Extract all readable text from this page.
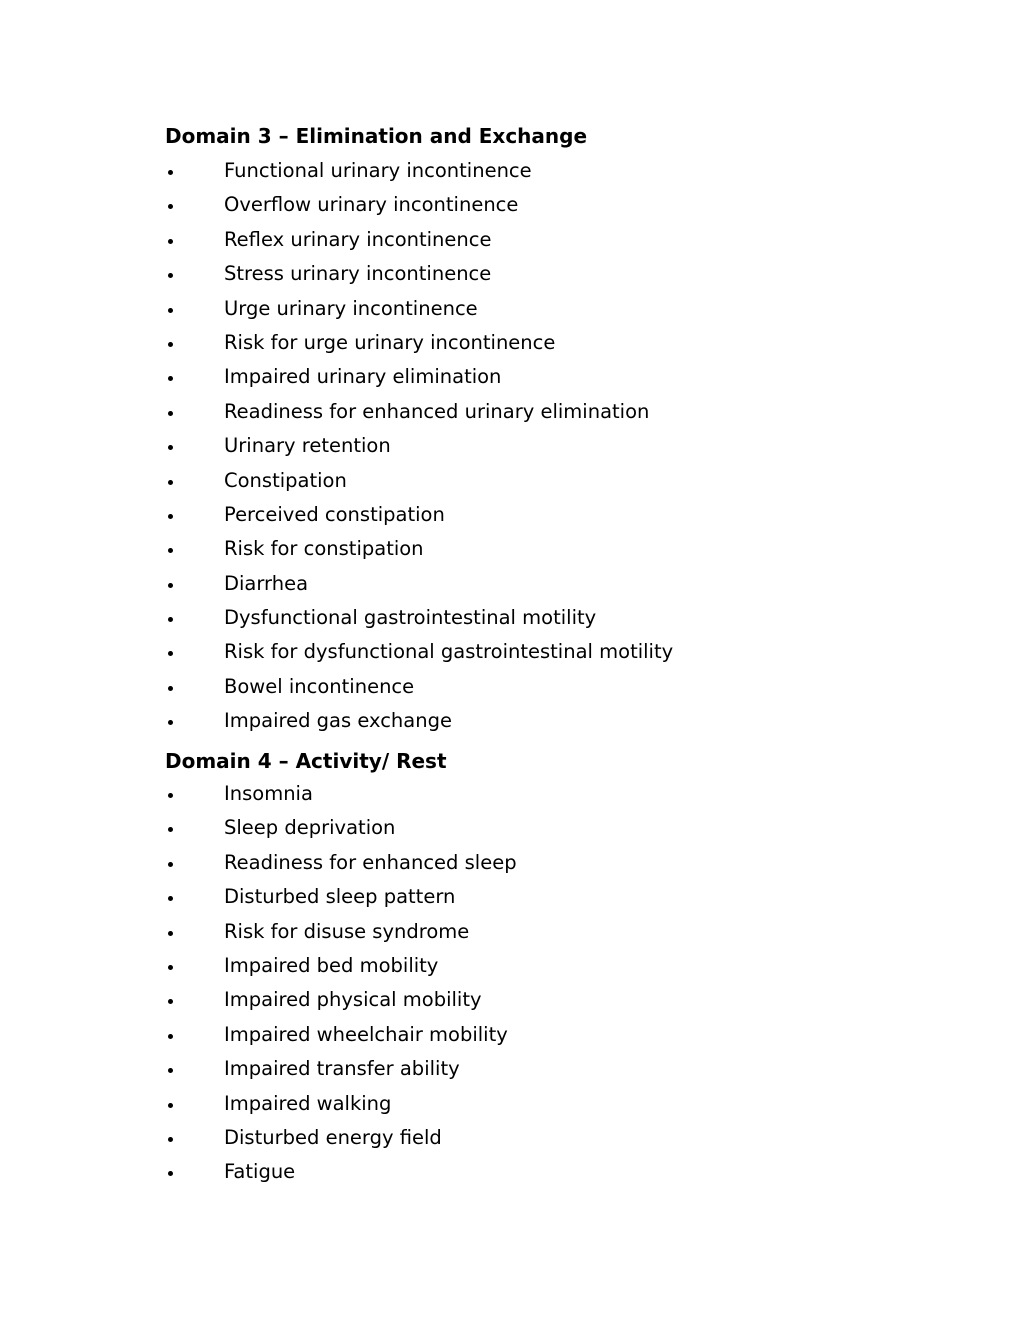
Domain 3 – Elimination and Exchange
Functional urinary incontinence
Overflow urinary incontinence
Reflex urinary incontinence
Stress urinary incontinence
Urge urinary incontinence
Risk for urge urinary incontinence
Impaired urinary elimination
Readiness for enhanced urinary elimination
Urinary retention
Constipation
Perceived constipation
Risk for constipation
Diarrhea
Dysfunctional gastrointestinal motility
Risk for dysfunctional gastrointestinal motility
Bowel incontinence
Impaired gas exchange
Domain 4 – Activity/ Rest
Insomnia
Sleep deprivation
Readiness for enhanced sleep
Disturbed sleep pattern
Risk for disuse syndrome
Impaired bed mobility
Impaired physical mobility
Impaired wheelchair mobility
Impaired transfer ability
Impaired walking
Disturbed energy field
Fatigue
